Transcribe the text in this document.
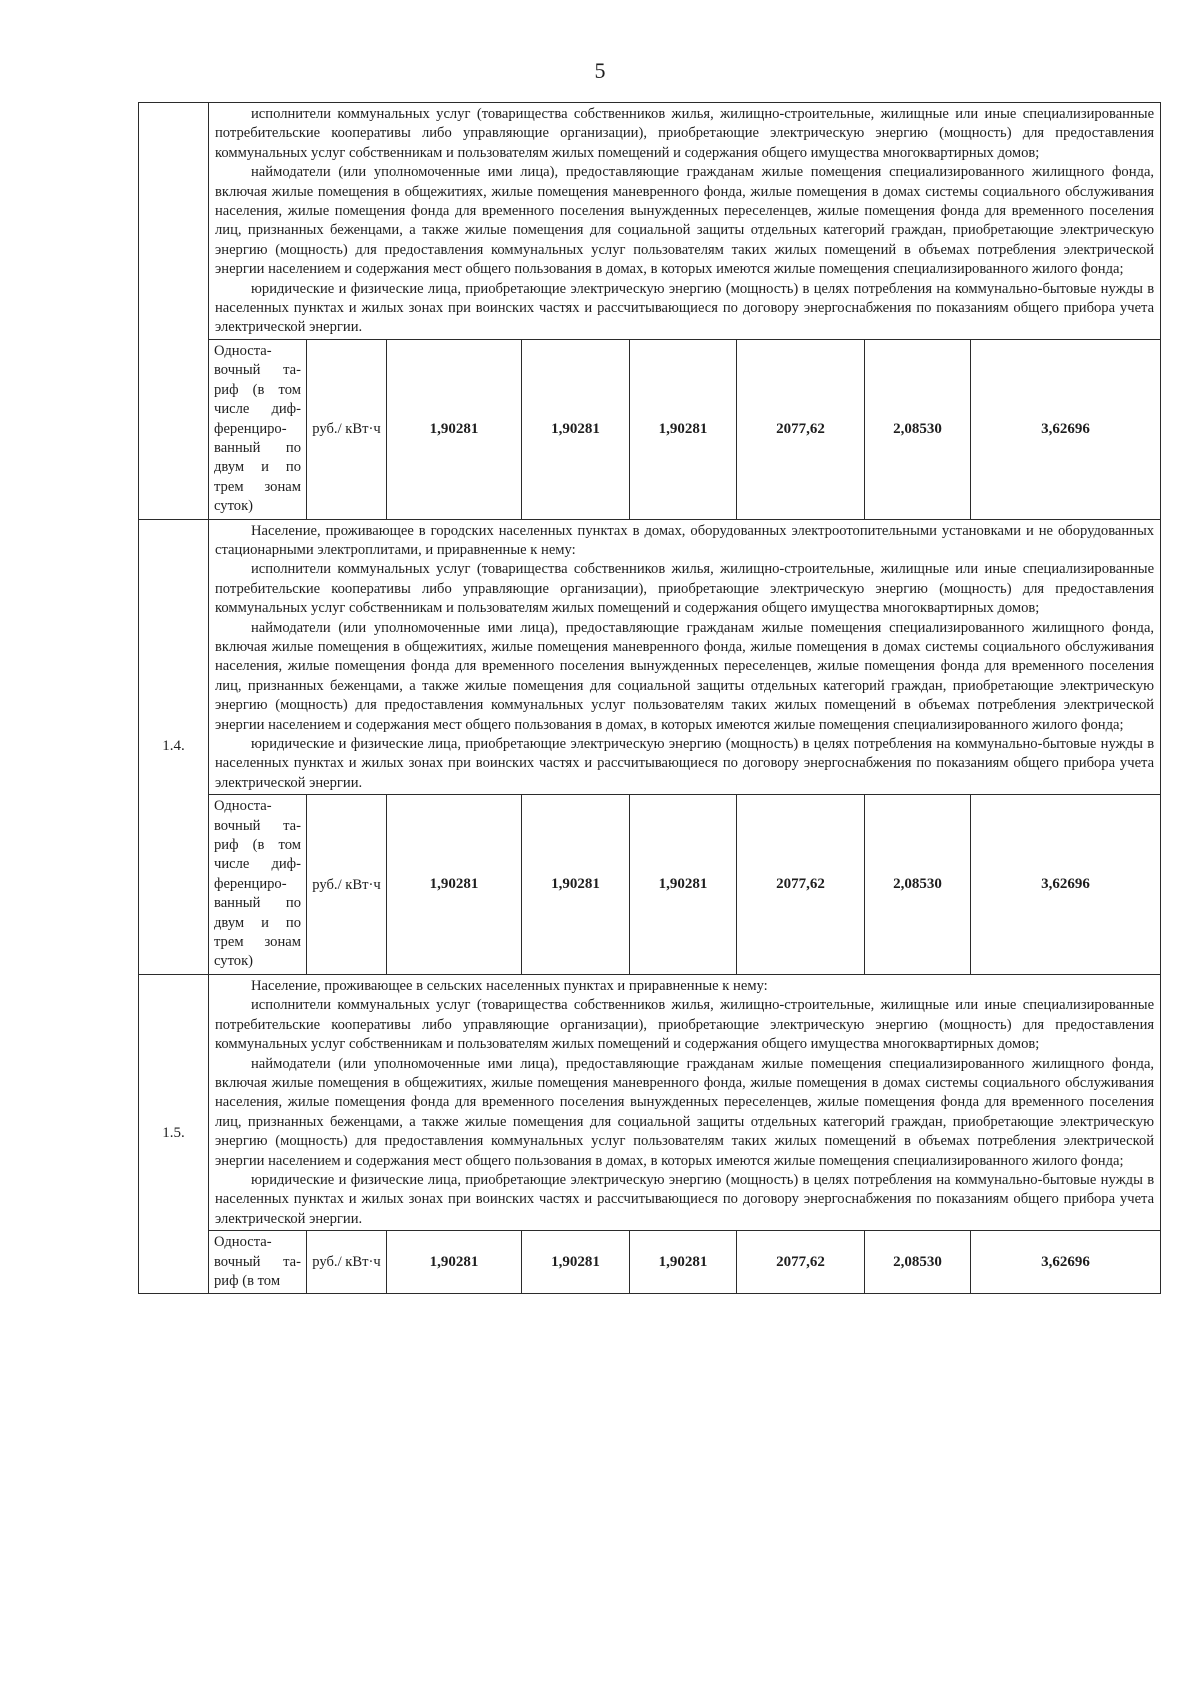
5

	исполнители коммунальных услуг (товарищества собственников жилья, жилищно-строительные, жилищные или иные специализированные потребительские кооперативы либо управляющие организации), приобретающие электрическую энергию (мощность) для предоставления коммунальных услуг собственникам и пользователям жилых помещений и содержания общего имущества многоквартирных домов;

наймодатели (или уполномоченные ими лица), предоставляющие гражданам жилые помещения специализированного жилищного фонда, включая жилые помещения в общежитиях, жилые помещения маневренного фонда, жилые помещения в домах системы социального обслуживания населения, жилые помещения фонда для временного поселения вынужденных переселенцев, жилые помещения фонда для временного поселения лиц, признанных беженцами, а также жилые помещения для социальной защиты отдельных категорий граждан, приобретающие электрическую энергию (мощность) для предоставления коммунальных услуг пользователям таких жилых помещений в объемах потребления электрической энергии населением и содержания мест общего пользования в домах, в которых имеются жилые помещения специализированного жилого фонда;

юридические и физические лица, приобретающие электрическую энергию (мощность) в целях потребления на коммунально-бытовые нужды в населенных пунктах и жилых зонах при воинских частях и рассчитывающиеся по договору энергоснабжения по показаниям общего прибора учета электрической энергии.							

	Односта-вочный та-риф (в том числе диф-ференциро-ванный по двум и по трем зонам суток)	руб./ кВт·ч	1,90281	1,90281	1,90281	2077,62	2,08530	3,62696
1.4.	Население, проживающее в городских населенных пунктах в домах, оборудованных электроотопительными установками и не оборудованных стационарными электроплитами, и приравненные к нему:

исполнители коммунальных услуг (товарищества собственников жилья, жилищно-строительные, жилищные или иные специализированные потребительские кооперативы либо управляющие организации), приобретающие электрическую энергию (мощность) для предоставления коммунальных услуг собственникам и пользователям жилых помещений и содержания общего имущества многоквартирных домов;

наймодатели (или уполномоченные ими лица), предоставляющие гражданам жилые помещения специализированного жилищного фонда, включая жилые помещения в общежитиях, жилые помещения маневренного фонда, жилые помещения в домах системы социального обслуживания населения, жилые помещения фонда для временного поселения вынужденных переселенцев, жилые помещения фонда для временного поселения лиц, признанных беженцами, а также жилые помещения для социальной защиты отдельных категорий граждан, приобретающие электрическую энергию (мощность) для предоставления коммунальных услуг пользователям таких жилых помещений в объемах потребления электрической энергии населением и содержания мест общего пользования в домах, в которых имеются жилые помещения специализированного жилого фонда;

юридические и физические лица, приобретающие электрическую энергию (мощность) в целях потребления на коммунально-бытовые нужды в населенных пунктах и жилых зонах при воинских частях и рассчитывающиеся по договору энергоснабжения по показаниям общего прибора учета электрической энергии.							

	Односта-вочный та-риф (в том числе диф-ференциро-ванный по двум и по трем зонам суток)	руб./ кВт·ч	1,90281	1,90281	1,90281	2077,62	2,08530	3,62696
1.5.	Население, проживающее в сельских населенных пунктах и приравненные к нему:

исполнители коммунальных услуг (товарищества собственников жилья, жилищно-строительные, жилищные или иные специализированные потребительские кооперативы либо управляющие организации), приобретающие электрическую энергию (мощность) для предоставления коммунальных услуг собственникам и пользователям жилых помещений и содержания общего имущества многоквартирных домов;

наймодатели (или уполномоченные ими лица), предоставляющие гражданам жилые помещения специализированного жилищного фонда, включая жилые помещения в общежитиях, жилые помещения маневренного фонда, жилые помещения в домах системы социального обслуживания населения, жилые помещения фонда для временного поселения вынужденных переселенцев, жилые помещения фонда для временного поселения лиц, признанных беженцами, а также жилые помещения для социальной защиты отдельных категорий граждан, приобретающие электрическую энергию (мощность) для предоставления коммунальных услуг пользователям таких жилых помещений в объемах потребления электрической энергии населением и содержания мест общего пользования в домах, в которых имеются жилые помещения специализированного жилого фонда;

юридические и физические лица, приобретающие электрическую энергию (мощность) в целях потребления на коммунально-бытовые нужды в населенных пунктах и жилых зонах при воинских частях и рассчитывающиеся по договору энергоснабжения по показаниям общего прибора учета электрической энергии.							

	Односта-вочный та-риф (в том	руб./ кВт·ч	1,90281	1,90281	1,90281	2077,62	2,08530	3,62696
